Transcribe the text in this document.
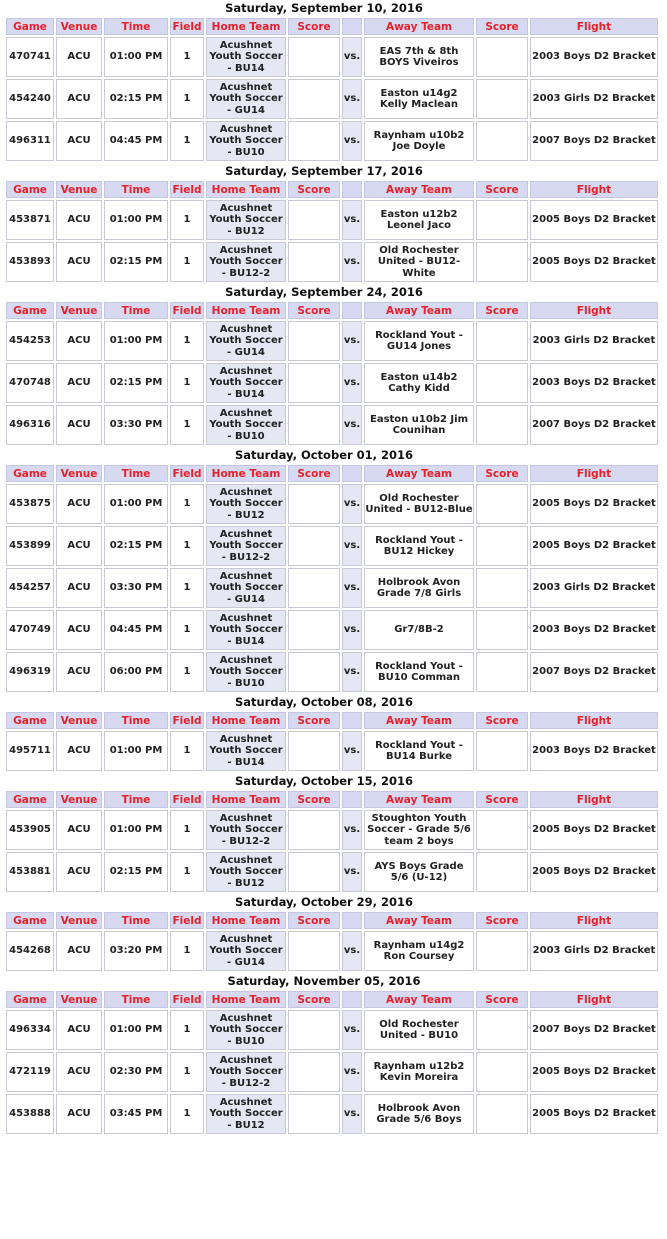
Saturday, September 10, 2016
Game	Venue	Time	Field	Home Team	Score		Away Team	Score	Flight
470741	ACU	01:00 PM	1	Acushnet Youth Soccer - BU14		vs.	EAS 7th & 8th BOYS Viveiros		2003 Boys D2 Bracket
454240	ACU	02:15 PM	1	Acushnet Youth Soccer - GU14		vs.	Easton u14g2 Kelly Maclean		2003 Girls D2 Bracket
496311	ACU	04:45 PM	1	Acushnet Youth Soccer - BU10		vs.	Raynham u10b2 Joe Doyle		2007 Boys D2 Bracket
Saturday, September 17, 2016
Game	Venue	Time	Field	Home Team	Score		Away Team	Score	Flight
453871	ACU	01:00 PM	1	Acushnet Youth Soccer - BU12		vs.	Easton u12b2 Leonel Jaco		2005 Boys D2 Bracket
453893	ACU	02:15 PM	1	Acushnet Youth Soccer - BU12-2		vs.	Old Rochester United - BU12-White		2005 Boys D2 Bracket
Saturday, September 24, 2016
Game	Venue	Time	Field	Home Team	Score		Away Team	Score	Flight
454253	ACU	01:00 PM	1	Acushnet Youth Soccer - GU14		vs.	Rockland Yout - GU14 Jones		2003 Girls D2 Bracket
470748	ACU	02:15 PM	1	Acushnet Youth Soccer - BU14		vs.	Easton u14b2 Cathy Kidd		2003 Boys D2 Bracket
496316	ACU	03:30 PM	1	Acushnet Youth Soccer - BU10		vs.	Easton u10b2 Jim Counihan		2007 Boys D2 Bracket
Saturday, October 01, 2016
Game	Venue	Time	Field	Home Team	Score		Away Team	Score	Flight
453875	ACU	01:00 PM	1	Acushnet Youth Soccer - BU12		vs.	Old Rochester United - BU12-Blue		2005 Boys D2 Bracket
453899	ACU	02:15 PM	1	Acushnet Youth Soccer - BU12-2		vs.	Rockland Yout - BU12 Hickey		2005 Boys D2 Bracket
454257	ACU	03:30 PM	1	Acushnet Youth Soccer - GU14		vs.	Holbrook Avon Grade 7/8 Girls		2003 Girls D2 Bracket
470749	ACU	04:45 PM	1	Acushnet Youth Soccer - BU14		vs.	Gr7/8B-2		2003 Boys D2 Bracket
496319	ACU	06:00 PM	1	Acushnet Youth Soccer - BU10		vs.	Rockland Yout - BU10 Comman		2007 Boys D2 Bracket
Saturday, October 08, 2016
Game	Venue	Time	Field	Home Team	Score		Away Team	Score	Flight
495711	ACU	01:00 PM	1	Acushnet Youth Soccer - BU14		vs.	Rockland Yout - BU14 Burke		2003 Boys D2 Bracket
Saturday, October 15, 2016
Game	Venue	Time	Field	Home Team	Score		Away Team	Score	Flight
453905	ACU	01:00 PM	1	Acushnet Youth Soccer - BU12-2		vs.	Stoughton Youth Soccer - Grade 5/6 team 2 boys		2005 Boys D2 Bracket
453881	ACU	02:15 PM	1	Acushnet Youth Soccer - BU12		vs.	AYS Boys Grade 5/6 (U-12)		2005 Boys D2 Bracket
Saturday, October 29, 2016
Game	Venue	Time	Field	Home Team	Score		Away Team	Score	Flight
454268	ACU	03:20 PM	1	Acushnet Youth Soccer - GU14		vs.	Raynham u14g2 Ron Coursey		2003 Girls D2 Bracket
Saturday, November 05, 2016
Game	Venue	Time	Field	Home Team	Score		Away Team	Score	Flight
496334	ACU	01:00 PM	1	Acushnet Youth Soccer - BU10		vs.	Old Rochester United - BU10		2007 Boys D2 Bracket
472119	ACU	02:30 PM	1	Acushnet Youth Soccer - BU12-2		vs.	Raynham u12b2 Kevin Moreira		2005 Boys D2 Bracket
453888	ACU	03:45 PM	1	Acushnet Youth Soccer - BU12		vs.	Holbrook Avon Grade 5/6 Boys		2005 Boys D2 Bracket
